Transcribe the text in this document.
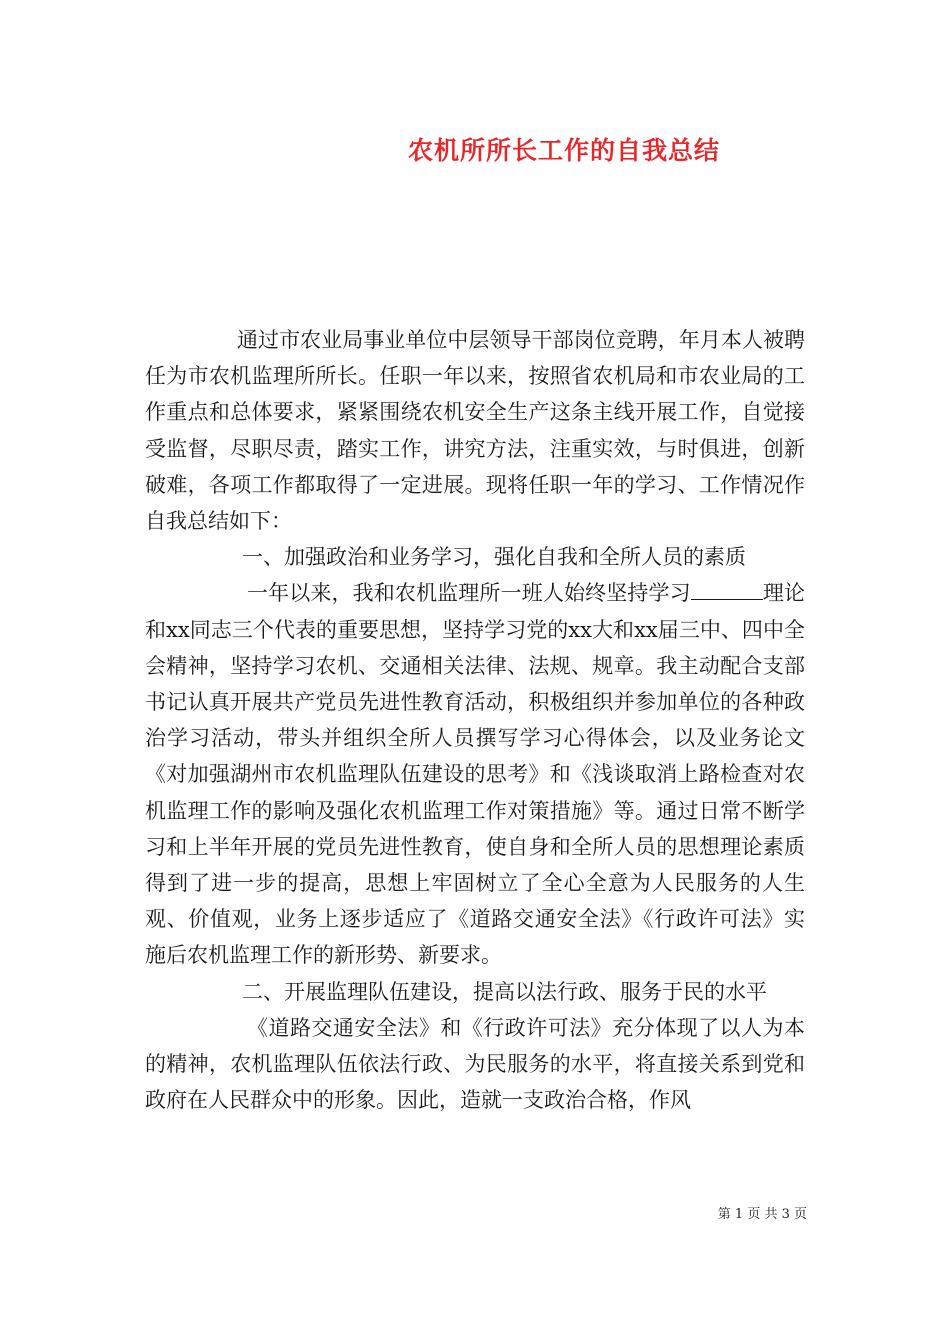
农机所所长工作的自我总结

通过市农业局事业单位中层领导干部岗位竞聘，年月本人被聘任为市农机监理所所长。任职一年以来，按照省农机局和市农业局的工作重点和总体要求，紧紧围绕农机安全生产这条主线开展工作，自觉接受监督，尽职尽责，踏实工作，讲究方法，注重实效，与时俱进，创新破难，各项工作都取得了一定进展。现将任职一年的学习、工作情况作自我总结如下：

一、加强政治和业务学习，强化自我和全所人员的素质

一年以来，我和农机监理所一班人始终坚持学习	理论和xx同志三个代表的重要思想，坚持学习党的xx大和xx届三中、四中全会精神，坚持学习农机、交通相关法律、法规、规章。我主动配合支部书记认真开展共产党员先进性教育活动，积极组织并参加单位的各种政治学习活动，带头并组织全所人员撰写学习心得体会，以及业务论文《对加强湖州市农机监理队伍建设的思考》和《浅谈取消上路检查对农机监理工作的影响及强化农机监理工作对策措施》等。通过日常不断学习和上半年开展的党员先进性教育，使自身和全所人员的思想理论素质得到了进一步的提高，思想上牢固树立了全心全意为人民服务的人生观、价值观，业务上逐步适应了《道路交通安全法》《行政许可法》实施后农机监理工作的新形势、新要求。

二、开展监理队伍建设，提高以法行政、服务于民的水平

《道路交通安全法》和《行政许可法》充分体现了以人为本的精神，农机监理队伍依法行政、为民服务的水平，将直接关系到党和政府在人民群众中的形象。因此，造就一支政治合格，作风

第 1 页 共 3 页
